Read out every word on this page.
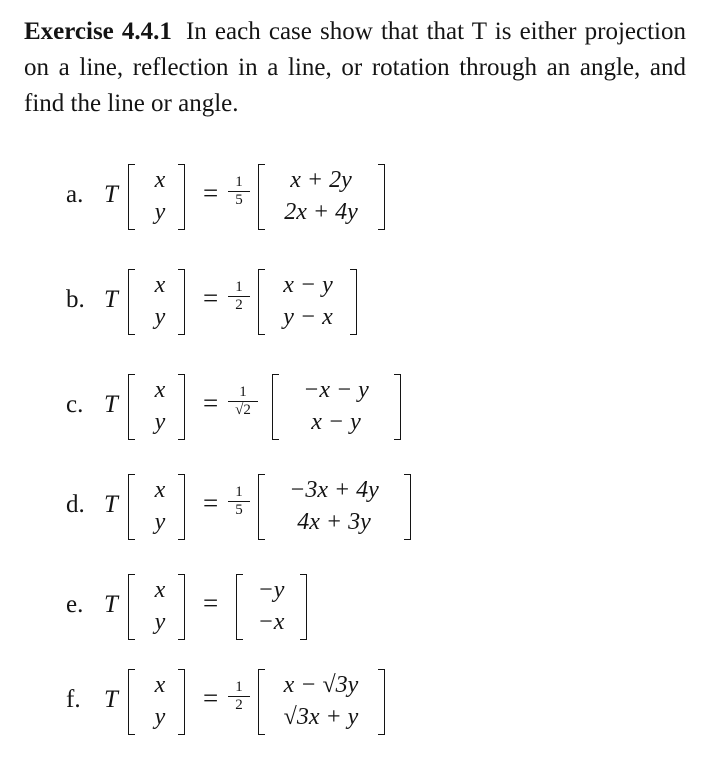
Exercise 4.4.1 In each case show that that T is either projection on a line, reflection in a line, or rotation through an angle, and find the line or angle.

a. T
x
y
= $\frac{1}{5}$	x + 2y
2x + 4y
b. T
x
y
= $\frac{1}{2}$	x − y
y − x
c. T
x
y
= $\frac{1}{√2}$	−x − y
x − y
d. T
x
y
= $\frac{1}{5}$	−3x + 4y
4x + 3y
e. T
x
y
=	−y
−x
f. T
x
y
= $\frac{1}{2}$	x − √3y
√3x + y
